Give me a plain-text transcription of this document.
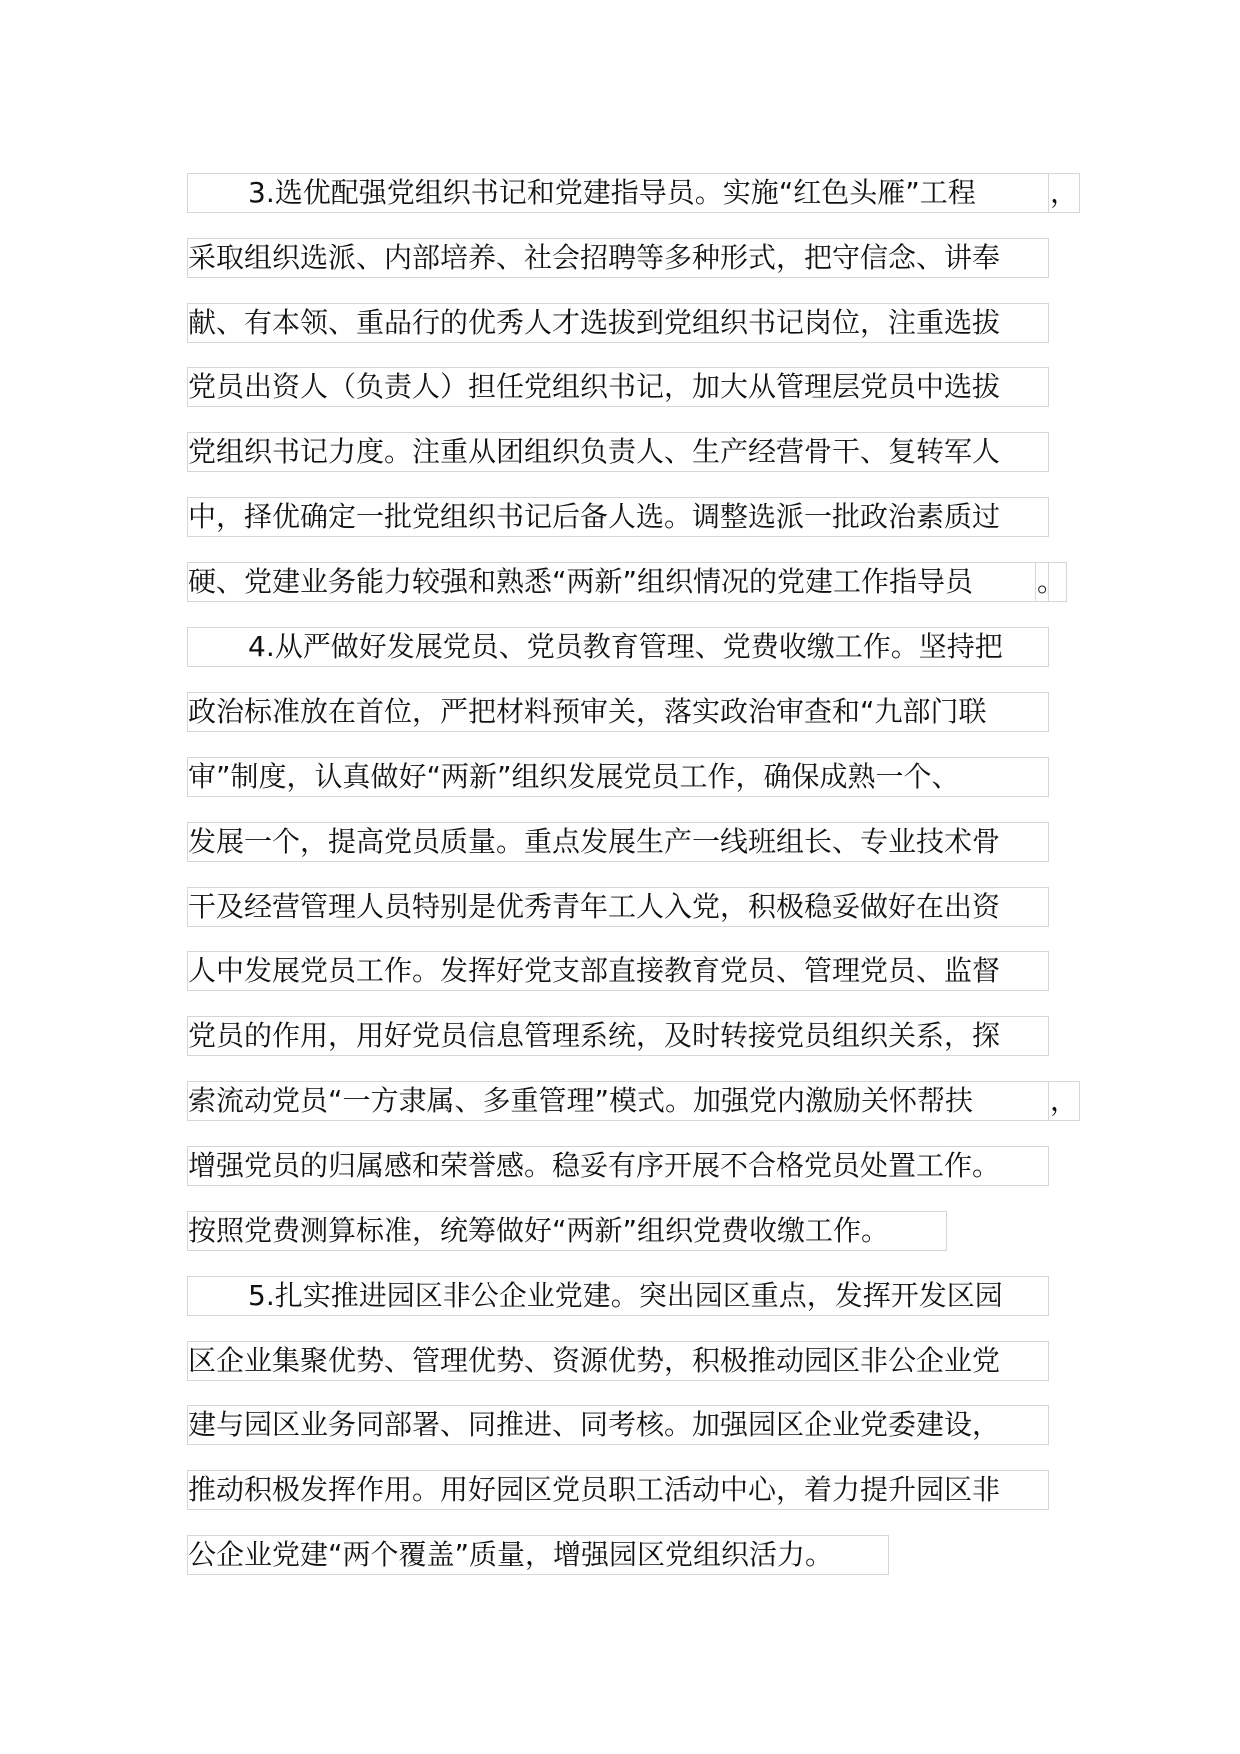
3.选优配强党组织书记和党建指导员。实施“红色头雁”工程	，
采取组织选派、内部培养、社会招聘等多种形式，把守信念、讲奉
献、有本领、重品行的优秀人才选拔到党组织书记岗位，注重选拔
党员出资人（负责人）担任党组织书记，加大从管理层党员中选拔
党组织书记力度。注重从团组织负责人、生产经营骨干、复转军人
中，择优确定一批党组织书记后备人选。调整选派一批政治素质过
硬、党建业务能力较强和熟悉“两新”组织情况的党建工作指导员	。
4.从严做好发展党员、党员教育管理、党费收缴工作。坚持把
政治标准放在首位，严把材料预审关，落实政治审查和“九部门联
审”制度，认真做好“两新”组织发展党员工作，确保成熟一个、
发展一个，提高党员质量。重点发展生产一线班组长、专业技术骨
干及经营管理人员特别是优秀青年工人入党，积极稳妥做好在出资
人中发展党员工作。发挥好党支部直接教育党员、管理党员、监督
党员的作用，用好党员信息管理系统，及时转接党员组织关系，探
索流动党员“一方隶属、多重管理”模式。加强党内激励关怀帮扶	，
增强党员的归属感和荣誉感。稳妥有序开展不合格党员处置工作。
按照党费测算标准，统筹做好“两新”组织党费收缴工作。
5.扎实推进园区非公企业党建。突出园区重点，发挥开发区园
区企业集聚优势、管理优势、资源优势，积极推动园区非公企业党
建与园区业务同部署、同推进、同考核。加强园区企业党委建设，
推动积极发挥作用。用好园区党员职工活动中心，着力提升园区非
公企业党建“两个覆盖”质量，增强园区党组织活力。
